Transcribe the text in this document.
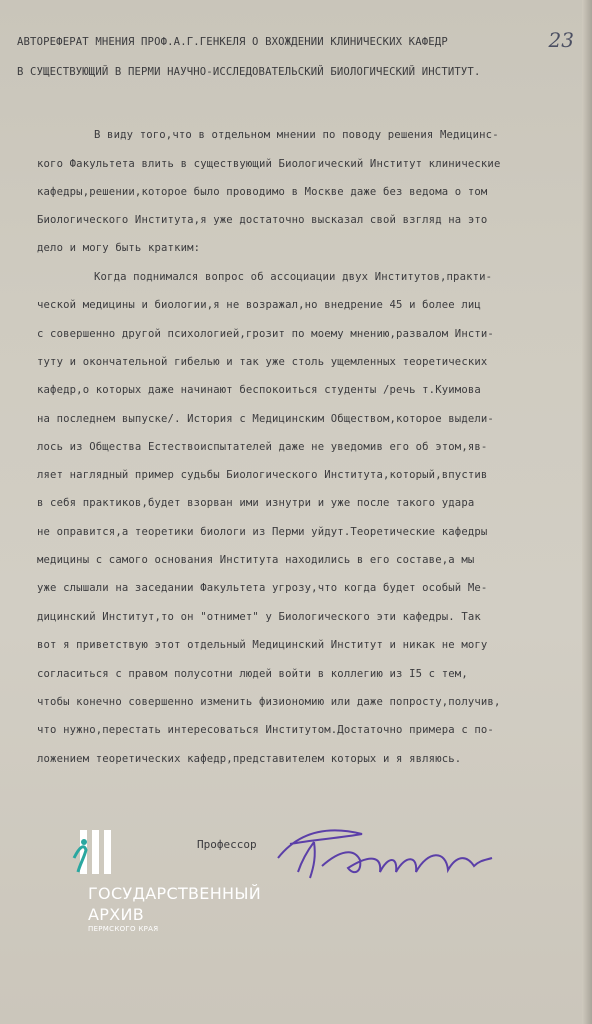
23
АВТОРЕФЕРАТ МНЕНИЯ ПРОФ.А.Г.ГЕНКЕЛЯ О ВХОЖДЕНИИ КЛИНИЧЕСКИХ КАФЕДР
В СУЩЕСТВУЮЩИЙ В ПЕРМИ НАУЧНО-ИССЛЕДОВАТЕЛЬСКИЙ БИОЛОГИЧЕСКИЙ ИНСТИТУТ.
В виду того,что в отдельном мнении по поводу решения Медицинс-
кого Факультета влить в существующий Биологический Институт клинические
кафедры,решении,которое было проводимо в Москве даже без ведома о том
Биологического Института,я уже достаточно высказал свой взгляд на это
дело и могу быть кратким:
Когда поднимался вопрос об ассоциации двух Институтов,практи-
ческой медицины и биологии,я не возражал,но внедрение 45 и более лиц
с совершенно другой психологией,грозит по моему мнению,развалом Инсти-
туту и окончательной гибелью и так уже столь ущемленных теоретических
кафедр,о которых даже начинают беспокоиться студенты /речь т.Куимова
на последнем выпуске/. История с Медицинским Обществом,которое выдели-
лось из Общества Естествоиспытателей даже не уведомив его об этом,яв-
ляет наглядный пример судьбы Биологического Института,который,впустив
в себя практиков,будет взорван ими изнутри и уже после такого удара
не оправится,а теоретики биологи из Перми уйдут.Теоретические кафедры
медицины с самого основания Института находились в его составе,а мы
уже слышали на заседании Факультета угрозу,что когда будет особый Ме-
дицинский Институт,то он "отнимет" у Биологического эти кафедры. Так
вот я приветствую этот отдельный Медицинский Институт и никак не могу
согласиться с правом полусотни людей войти в коллегию из I5 с тем,
чтобы конечно совершенно изменить физиономию или даже попросту,получив,
что нужно,перестать интересоваться Институтом.Достаточно примера с по-
ложением теоретических кафедр,представителем которых и я являюсь.
Профессор
ГОСУДАРСТВЕННЫЙ
АРХИВ
ПЕРМСКОГО КРАЯ
